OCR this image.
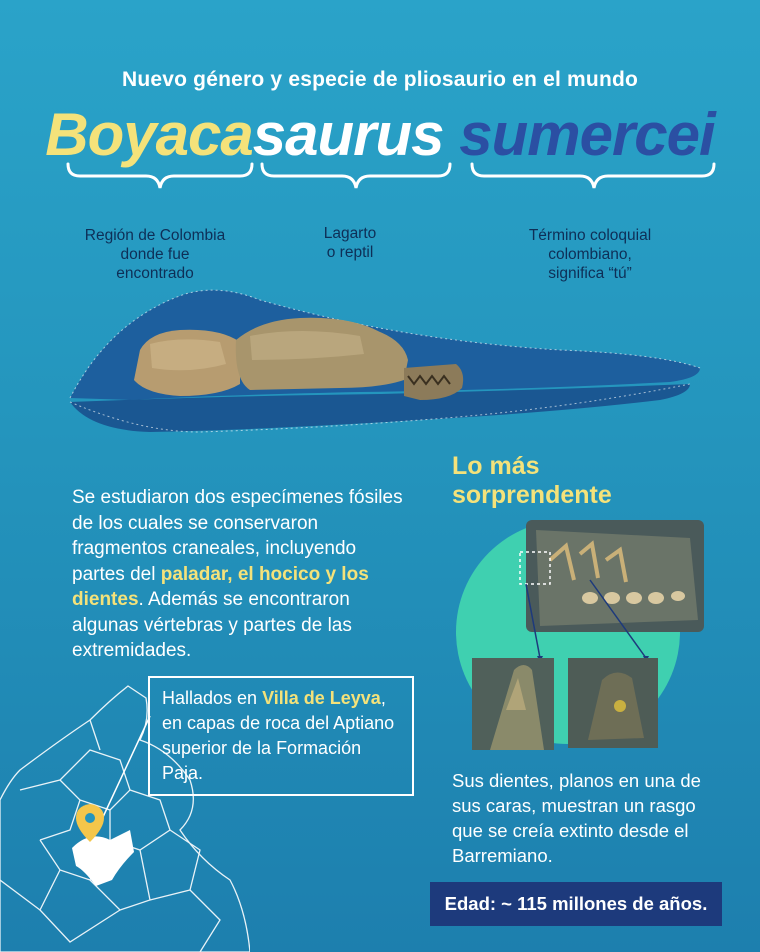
Nuevo género y especie de pliosaurio en el mundo
Boyacasaurus sumercei
Región de Colombia
donde fue
encontrado
Lagarto
o reptil
Término coloquial
colombiano,
significa “tú”
Se estudiaron dos especímenes fósiles de los cuales se conservaron fragmentos craneales, incluyendo partes del paladar, el hocico y los dientes. Además se encontraron algunas vértebras y partes de las extremidades.
Lo más
sorprendente
Sus dientes, planos en una de sus caras, muestran un rasgo que se creía extinto desde el Barremiano.
Hallados en Villa de Leyva, en capas de roca del Aptiano superior de la Formación Paja.
Edad: ~ 115 millones de años.
